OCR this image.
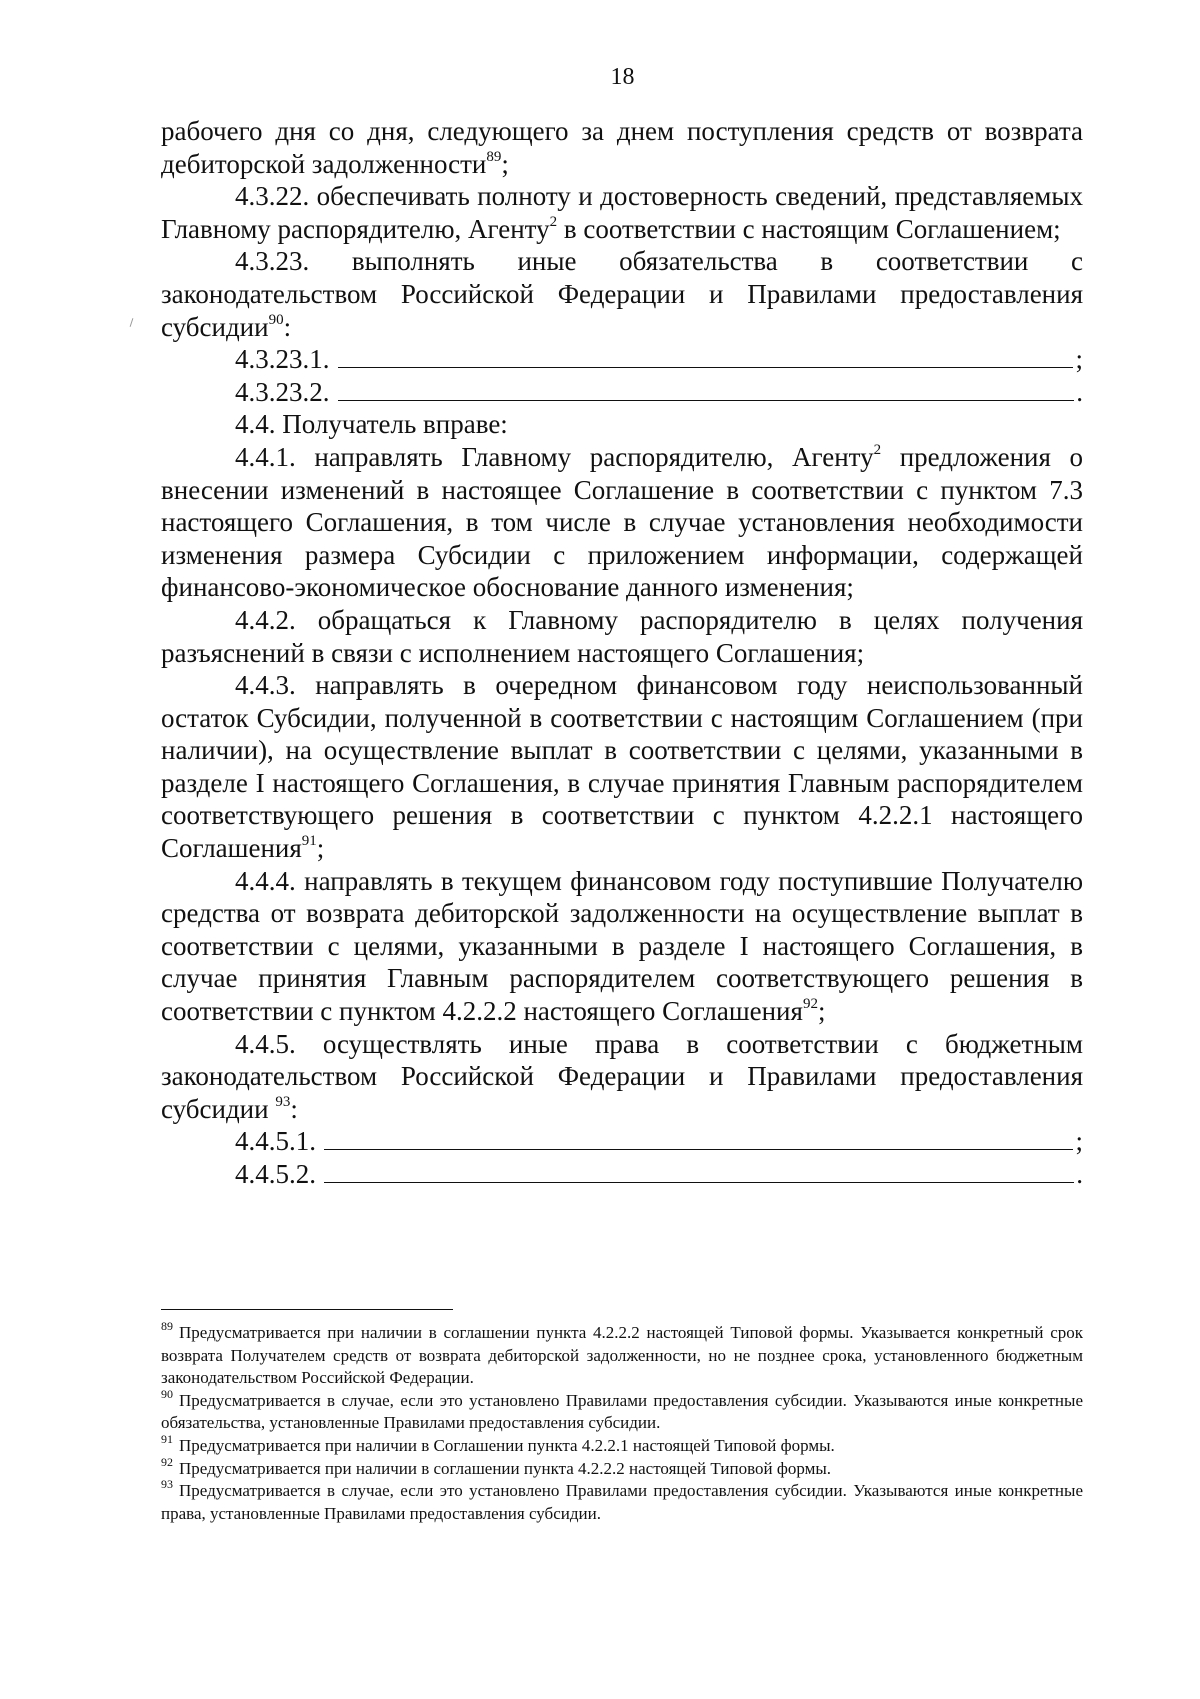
18

рабочего дня со дня, следующего за днем поступления средств от возврата дебиторской задолженности$^{89}$;

4.3.22. обеспечивать полноту и достоверность сведений, представляемых Главному распорядителю, Агенту$^2$ в соответствии с настоящим Соглашением;

4.3.23. выполнять иные обязательства в соответствии с законодательством Российской Федерации и Правилами предоставления субсидии$^{90}$:

4.3.23.1.	;
4.3.23.2.	.

4.4. Получатель вправе:

4.4.1. направлять Главному распорядителю, Агенту$^2$ предложения о внесении изменений в настоящее Соглашение в соответствии с пунктом 7.3 настоящего Соглашения, в том числе в случае установления необходимости изменения размера Субсидии с приложением информации, содержащей финансово-экономическое обоснование данного изменения;

4.4.2. обращаться к Главному распорядителю в целях получения разъяснений в связи с исполнением настоящего Соглашения;

4.4.3. направлять в очередном финансовом году неиспользованный остаток Субсидии, полученной в соответствии с настоящим Соглашением (при наличии), на осуществление выплат в соответствии с целями, указанными в разделе I настоящего Соглашения, в случае принятия Главным распорядителем соответствующего решения в соответствии с пунктом 4.2.2.1 настоящего Соглашения$^{91}$;

4.4.4. направлять в текущем финансовом году поступившие Получателю средства от возврата дебиторской задолженности на осуществление выплат в соответствии с целями, указанными в разделе I настоящего Соглашения, в случае принятия Главным распорядителем соответствующего решения в соответствии с пунктом 4.2.2.2 настоящего Соглашения$^{92}$;

4.4.5. осуществлять иные права в соответствии с бюджетным законодательством Российской Федерации и Правилами предоставления субсидии $^{93}$:

4.4.5.1.	;
4.4.5.2.	.

$^{89}$ Предусматривается при наличии в соглашении пункта 4.2.2.2 настоящей Типовой формы. Указывается конкретный срок возврата Получателем средств от возврата дебиторской задолженности, но не позднее срока, установленного бюджетным законодательством Российской Федерации.

$^{90}$ Предусматривается в случае, если это установлено Правилами предоставления субсидии. Указываются иные конкретные обязательства, установленные Правилами предоставления субсидии.

$^{91}$ Предусматривается при наличии в Соглашении пункта 4.2.2.1 настоящей Типовой формы.

$^{92}$ Предусматривается при наличии в соглашении пункта 4.2.2.2 настоящей Типовой формы.

$^{93}$ Предусматривается в случае, если это установлено Правилами предоставления субсидии. Указываются иные конкретные права, установленные Правилами предоставления субсидии.
